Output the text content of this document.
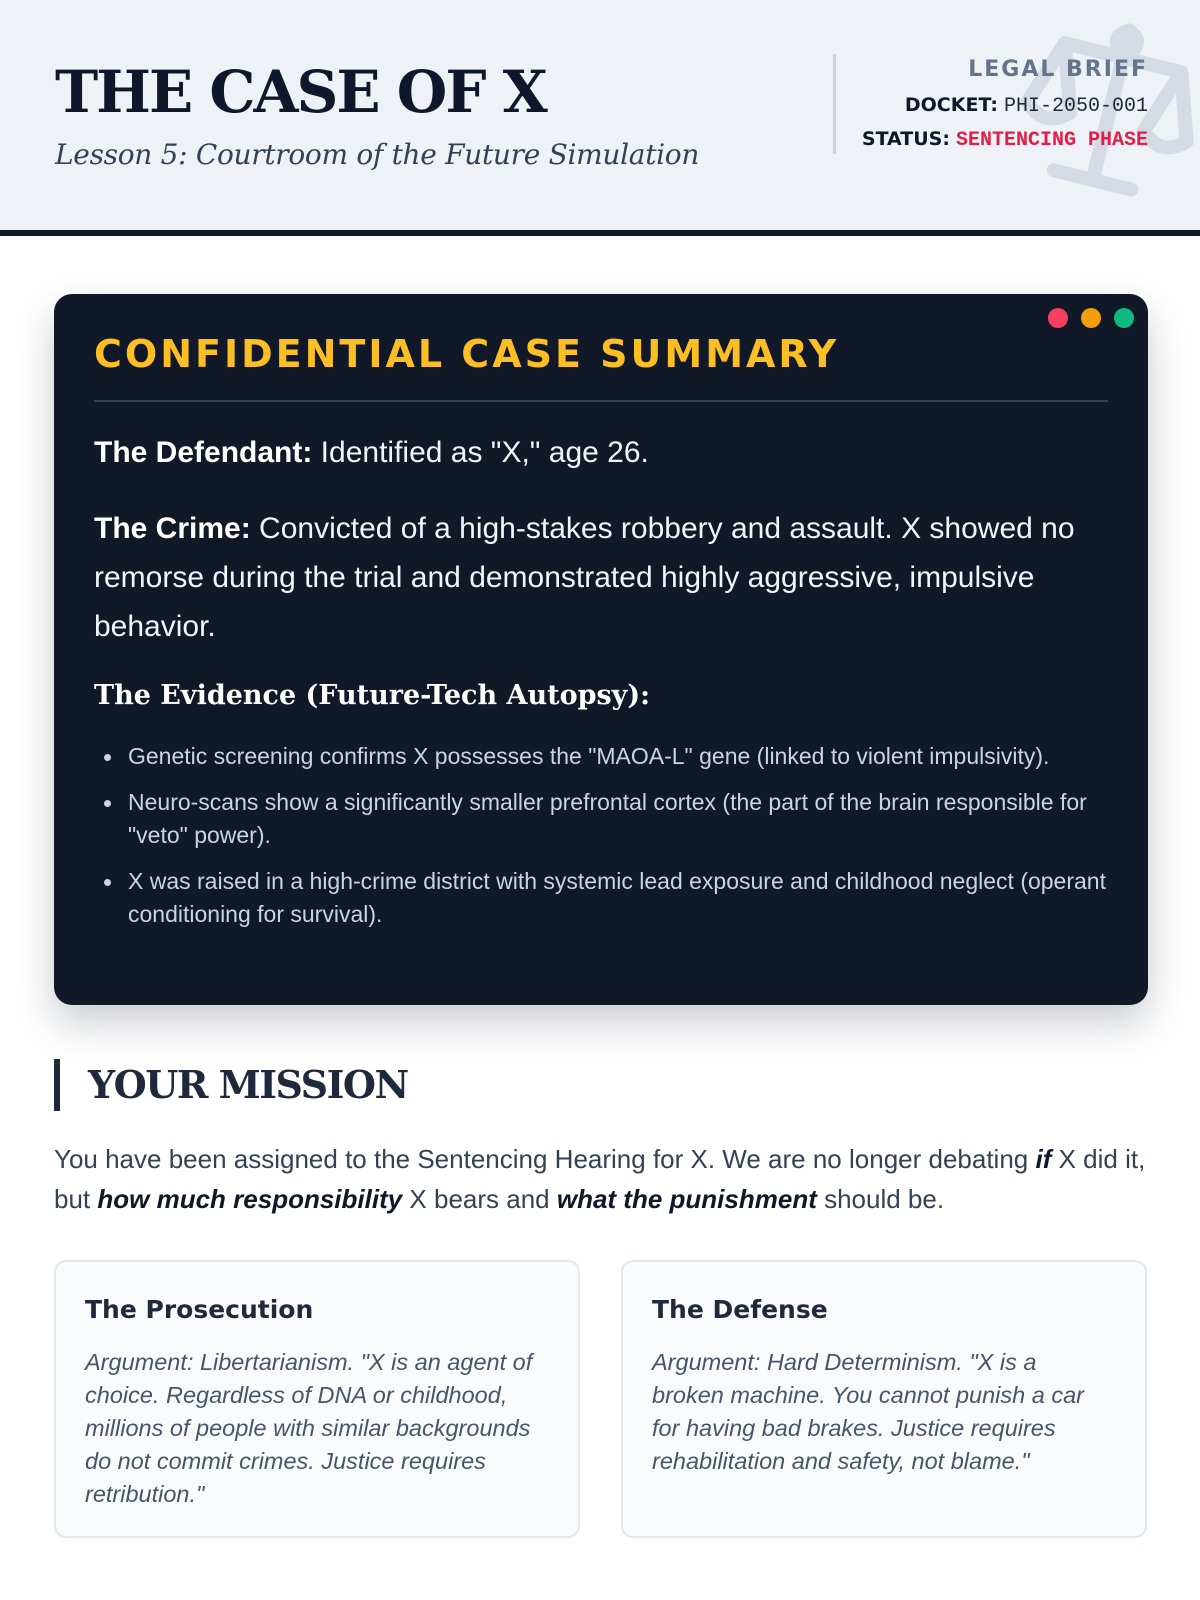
THE CASE OF X
Lesson 5: Courtroom of the Future Simulation
LEGAL BRIEF
DOCKET: PHI-2050-001
STATUS: SENTENCING PHASE
CONFIDENTIAL CASE SUMMARY

The Defendant: Identified as "X," age 26.

The Crime: Convicted of a high-stakes robbery and assault. X showed no remorse during the trial and demonstrated highly aggressive, impulsive behavior.

The Evidence (Future-Tech Autopsy):
Genetic screening confirms X possesses the "MAOA-L" gene (linked to violent impulsivity).
Neuro-scans show a significantly smaller prefrontal cortex (the part of the brain responsible for "veto" power).
X was raised in a high-crime district with systemic lead exposure and childhood neglect (operant conditioning for survival).
YOUR MISSION

You have been assigned to the Sentencing Hearing for X. We are no longer debating if X did it, but how much responsibility X bears and what the punishment should be.

The Prosecution

Argument: Libertarianism. "X is an agent of choice. Regardless of DNA or childhood, millions of people with similar backgrounds do not commit crimes. Justice requires retribution."

The Defense

Argument: Hard Determinism. "X is a broken machine. You cannot punish a car for having bad brakes. Justice requires rehabilitation and safety, not blame."
